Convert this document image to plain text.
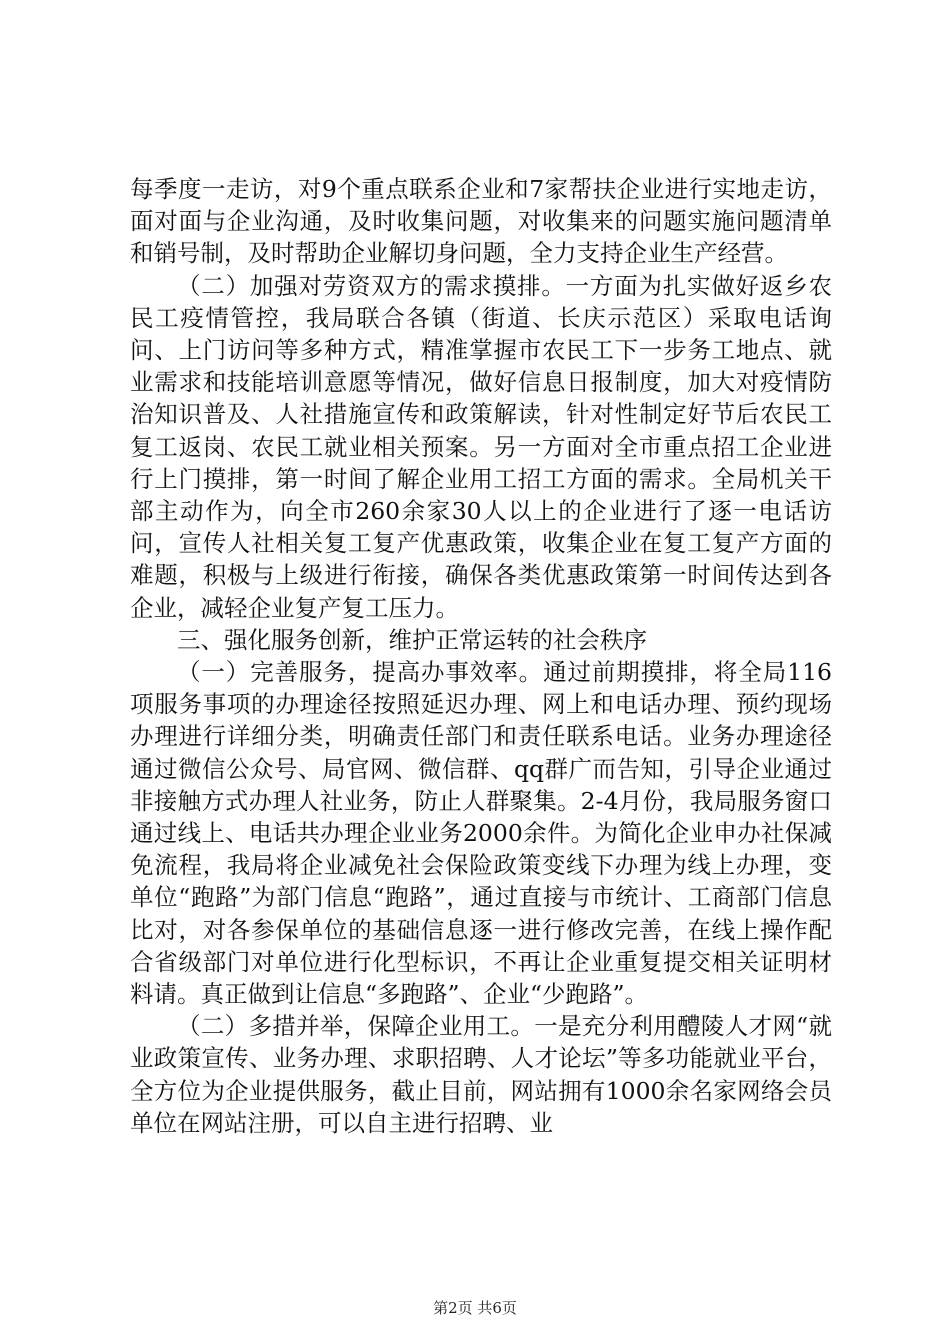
每季度一走访，对9个重点联系企业和7家帮扶企业进行实地走访，面对面与企业沟通，及时收集问题，对收集来的问题实施问题清单和销号制，及时帮助企业解切身问题，全力支持企业生产经营。

（二）加强对劳资双方的需求摸排。一方面为扎实做好返乡农民工疫情管控，我局联合各镇（街道、长庆示范区）采取电话询问、上门访问等多种方式，精准掌握市农民工下一步务工地点、就业需求和技能培训意愿等情况，做好信息日报制度，加大对疫情防治知识普及、人社措施宣传和政策解读，针对性制定好节后农民工复工返岗、农民工就业相关预案。另一方面对全市重点招工企业进行上门摸排，第一时间了解企业用工招工方面的需求。全局机关干部主动作为，向全市260余家30人以上的企业进行了逐一电话访问，宣传人社相关复工复产优惠政策，收集企业在复工复产方面的难题，积极与上级进行衔接，确保各类优惠政策第一时间传达到各企业，减轻企业复产复工压力。

三、强化服务创新，维护正常运转的社会秩序

（一）完善服务，提高办事效率。通过前期摸排，将全局116项服务事项的办理途径按照延迟办理、网上和电话办理、预约现场办理进行详细分类，明确责任部门和责任联系电话。业务办理途径通过微信公众号、局官网、微信群、qq群广而告知，引导企业通过非接触方式办理人社业务，防止人群聚集。2-4月份，我局服务窗口通过线上、电话共办理企业业务2000余件。为简化企业申办社保减免流程，我局将企业减免社会保险政策变线下办理为线上办理，变单位“跑路”为部门信息“跑路”，通过直接与市统计、工商部门信息比对，对各参保单位的基础信息逐一进行修改完善，在线上操作配合省级部门对单位进行化型标识，不再让企业重复提交相关证明材料请。真正做到让信息“多跑路”、企业“少跑路”。

（二）多措并举，保障企业用工。一是充分利用醴陵人才网“就业政策宣传、业务办理、求职招聘、人才论坛”等多功能就业平台，全方位为企业提供服务，截止目前，网站拥有1000余名家网络会员单位在网站注册，可以自主进行招聘、业

第2页 共6页
